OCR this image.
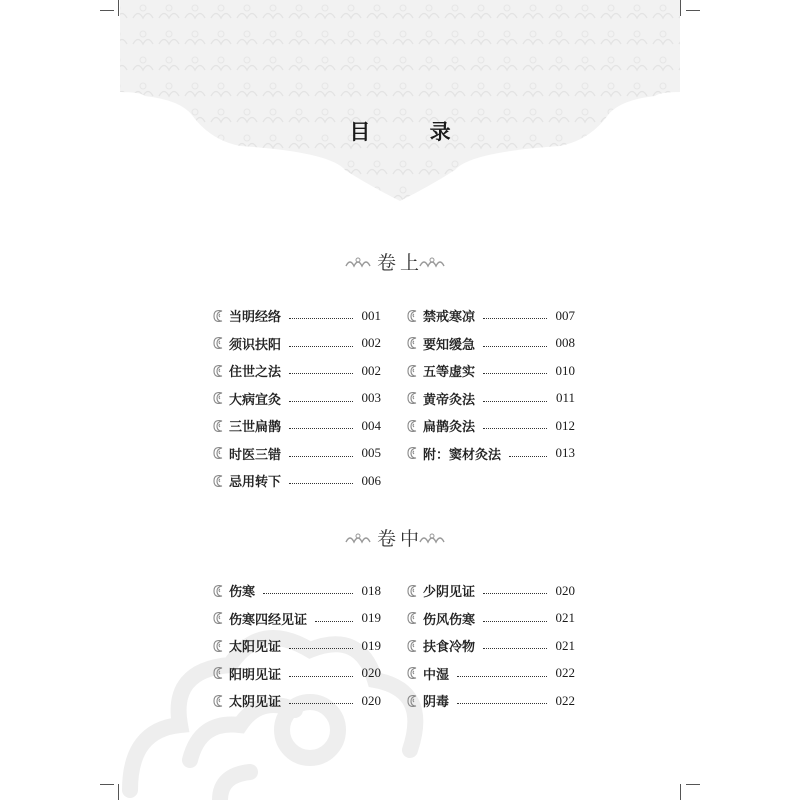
目 录
卷上
当明经络	001
须识扶阳	002
住世之法	002
大病宜灸	003
三世扁鹊	004
时医三错	005
忌用转下	006
禁戒寒凉	007
要知缓急	008
五等虚实	010
黄帝灸法	011
扁鹊灸法	012
附：窦材灸法	013
卷中
伤寒	018
伤寒四经见证	019
太阳见证	019
阳明见证	020
太阴见证	020
少阴见证	020
伤风伤寒	021
扶食冷物	021
中湿	022
阴毒	022
